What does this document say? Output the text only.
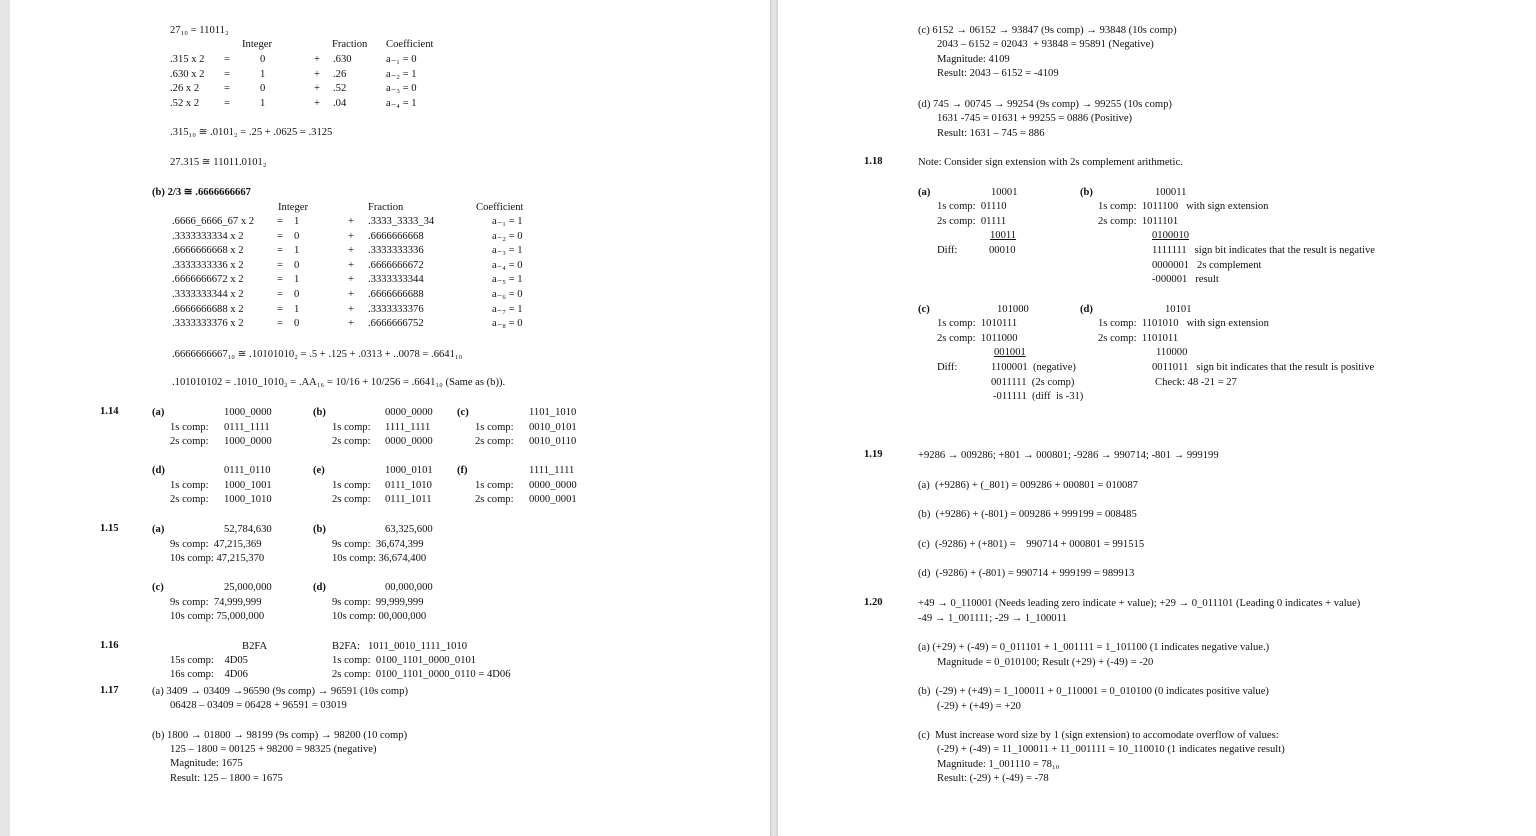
27₁₀ = 11011₂
Integer	Fraction Coefficient
.315 x 2 =	0	+ .630	a₋₁ = 0
.630 x 2 =	1	+ .26	a₋₂ = 1
.26 x 2 =	0	+ .52	a₋₃ = 0
.52 x 2 =	1	+ .04	a₋₄ = 1
.315₁₀ ≅ .0101₂ = .25 + .0625 = .3125
27.315 ≅ 11011.0101₂
(b) 2/3 ≅ .6666666667
Integer	Fraction	Coefficient
.6666_6666_67 x 2 = 1	+ .3333_3333_34	a₋₁ = 1
.3333333334 x 2	= 0	+ .6666666668	a₋₂ = 0
.6666666668 x 2	= 1	+ .3333333336	a₋₃ = 1
.3333333336 x 2	= 0	+ .6666666672	a₋₄ = 0
.6666666672 x 2	= 1	+ .3333333344	a₋₅ = 1
.3333333344 x 2	= 0	+ .6666666688	a₋₆ = 0
.6666666688 x 2	= 1	+ .3333333376	a₋₇ = 1
.3333333376 x 2	= 0	+ .6666666752	a₋₈ = 0
.6666666667₁₀ ≅ .10101010₂ = .5 + .125 + .0313 + ..0078 = .6641₁₀
.101010102 = .1010_1010₂ = .AA₁₆ = 10/16 + 10/256 = .6641₁₀ (Same as (b)).
1.14	(a)	1000_0000
1s comp: 0111_1111
2s comp: 1000_0000
(b)	0000_0000
1s comp: 1111_1111
2s comp: 0000_0000
(c)	1101_1010
1s comp: 0010_0101
2s comp: 0010_0110
(d)	0111_0110
1s comp: 1000_1001
2s comp: 1000_1010
(e)	1000_0101
1s comp: 0111_1010
2s comp: 0111_1011
(f)	1111_1111
1s comp: 0000_0000
2s comp: 0000_0001
1.15	(a)	52,784,630
9s comp:  47,215,369
10s comp: 47,215,370
(b)	63,325,600
9s comp:  36,674,399
10s comp: 36,674,400
(c)	25,000,000
9s comp:  74,999,999
10s comp: 75,000,000
(d)	00,000,000
9s comp:  99,999,999
10s comp: 00,000,000
1.16	B2FA
15s comp:    4D05
16s comp:    4D06
B2FA:   1011_0010_1111_1010
1s comp:  0100_1101_0000_0101
2s comp:  0100_1101_0000_0110 = 4D06
1.17	(a) 3409 → 03409 →96590 (9s comp) → 96591 (10s comp)
06428 – 03409 = 06428 + 96591 = 03019
(b) 1800 → 01800 → 98199 (9s comp) → 98200 (10 comp)
125 – 1800 = 00125 + 98200 = 98325 (negative)
Magnitude: 1675
Result: 125 – 1800 = 1675
(c) 6152 → 06152 → 93847 (9s comp) → 93848 (10s comp)
2043 – 6152 = 02043  + 93848 = 95891 (Negative)
Magnitude: 4109
Result: 2043 – 6152 = -4109
(d) 745 → 00745 → 99254 (9s comp) → 99255 (10s comp)
1631 -745 = 01631 + 99255 = 0886 (Positive)
Result: 1631 – 745 = 886
1.18	Note: Consider sign extension with 2s complement arithmetic.
(a)	10001
1s comp:  01110
2s comp:  01111
10011
Diff:	00010
(b)	100011
1s comp:  1011100   with sign extension
2s comp:  1011101
0100010
1111111   sign bit indicates that the result is negative
0000001   2s complement
-000001   result
(c)	101000
1s comp:  1010111
2s comp:  1011000
001001
Diff:	1100001  (negative)
0011111  (2s comp)
-011111  (diff  is -31)
(d)	10101
1s comp:  1101010   with sign extension
2s comp:  1101011
110000
0011011   sign bit indicates that the result is positive
Check: 48 -21 = 27
1.19	+9286 → 009286; +801 → 000801; -9286 → 990714; -801 → 999199
(a)  (+9286) + (_801) = 009286 + 000801 = 010087
(b)  (+9286) + (-801) = 009286 + 999199 = 008485
(c)  (-9286) + (+801) =    990714 + 000801 = 991515
(d)  (-9286) + (-801) = 990714 + 999199 = 989913
1.20	+49 → 0_110001 (Needs leading zero indicate + value); +29 → 0_011101 (Leading 0 indicates + value)
-49 → 1_001111; -29 → 1_100011
(a) (+29) + (-49) = 0_011101 + 1_001111 = 1_101100 (1 indicates negative value.)
Magnitude = 0_010100; Result (+29) + (-49) = -20
(b)  (-29) + (+49) = 1_100011 + 0_110001 = 0_010100 (0 indicates positive value)
(-29) + (+49) = +20
(c)  Must increase word size by 1 (sign extension) to accomodate overflow of values:
(-29) + (-49) = 11_100011 + 11_001111 = 10_110010 (1 indicates negative result)
Magnitude: 1_001110 = 78₁₀
Result: (-29) + (-49) = -78
